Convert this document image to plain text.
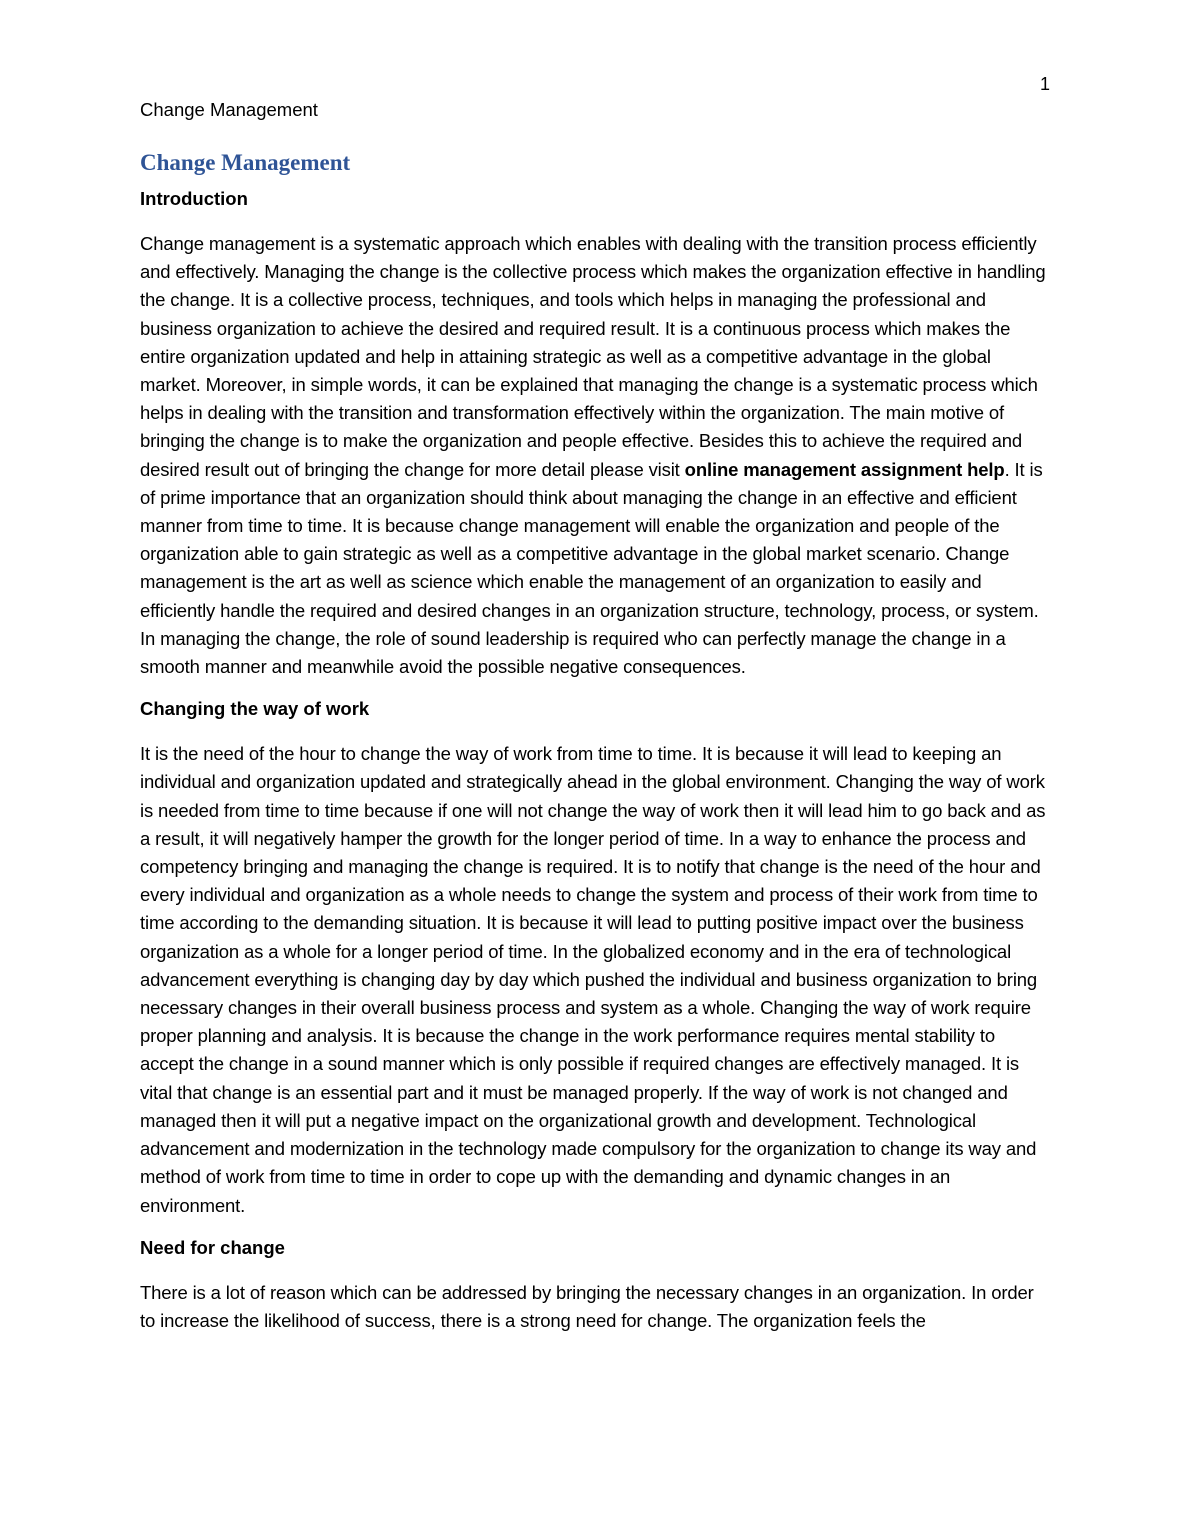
1
Change Management
Change Management
Introduction

Change management is a systematic approach which enables with dealing with the transition process efficiently and effectively. Managing the change is the collective process which makes the organization effective in handling the change. It is a collective process, techniques, and tools which helps in managing the professional and business organization to achieve the desired and required result. It is a continuous process which makes the entire organization updated and help in attaining strategic as well as a competitive advantage in the global market. Moreover, in simple words, it can be explained that managing the change is a systematic process which helps in dealing with the transition and transformation effectively within the organization. The main motive of bringing the change is to make the organization and people effective. Besides this to achieve the required and desired result out of bringing the change for more detail please visit online management assignment help. It is of prime importance that an organization should think about managing the change in an effective and efficient manner from time to time. It is because change management will enable the organization and people of the organization able to gain strategic as well as a competitive advantage in the global market scenario. Change management is the art as well as science which enable the management of an organization to easily and efficiently handle the required and desired changes in an organization structure, technology, process, or system. In managing the change, the role of sound leadership is required who can perfectly manage the change in a smooth manner and meanwhile avoid the possible negative consequences.

Changing the way of work

It is the need of the hour to change the way of work from time to time. It is because it will lead to keeping an individual and organization updated and strategically ahead in the global environment. Changing the way of work is needed from time to time because if one will not change the way of work then it will lead him to go back and as a result, it will negatively hamper the growth for the longer period of time. In a way to enhance the process and competency bringing and managing the change is required. It is to notify that change is the need of the hour and every individual and organization as a whole needs to change the system and process of their work from time to time according to the demanding situation. It is because it will lead to putting positive impact over the business organization as a whole for a longer period of time. In the globalized economy and in the era of technological advancement everything is changing day by day which pushed the individual and business organization to bring necessary changes in their overall business process and system as a whole. Changing the way of work require proper planning and analysis. It is because the change in the work performance requires mental stability to accept the change in a sound manner which is only possible if required changes are effectively managed. It is vital that change is an essential part and it must be managed properly. If the way of work is not changed and managed then it will put a negative impact on the organizational growth and development. Technological advancement and modernization in the technology made compulsory for the organization to change its way and method of work from time to time in order to cope up with the demanding and dynamic changes in an environment.

Need for change

There is a lot of reason which can be addressed by bringing the necessary changes in an organization. In order to increase the likelihood of success, there is a strong need for change. The organization feels the
